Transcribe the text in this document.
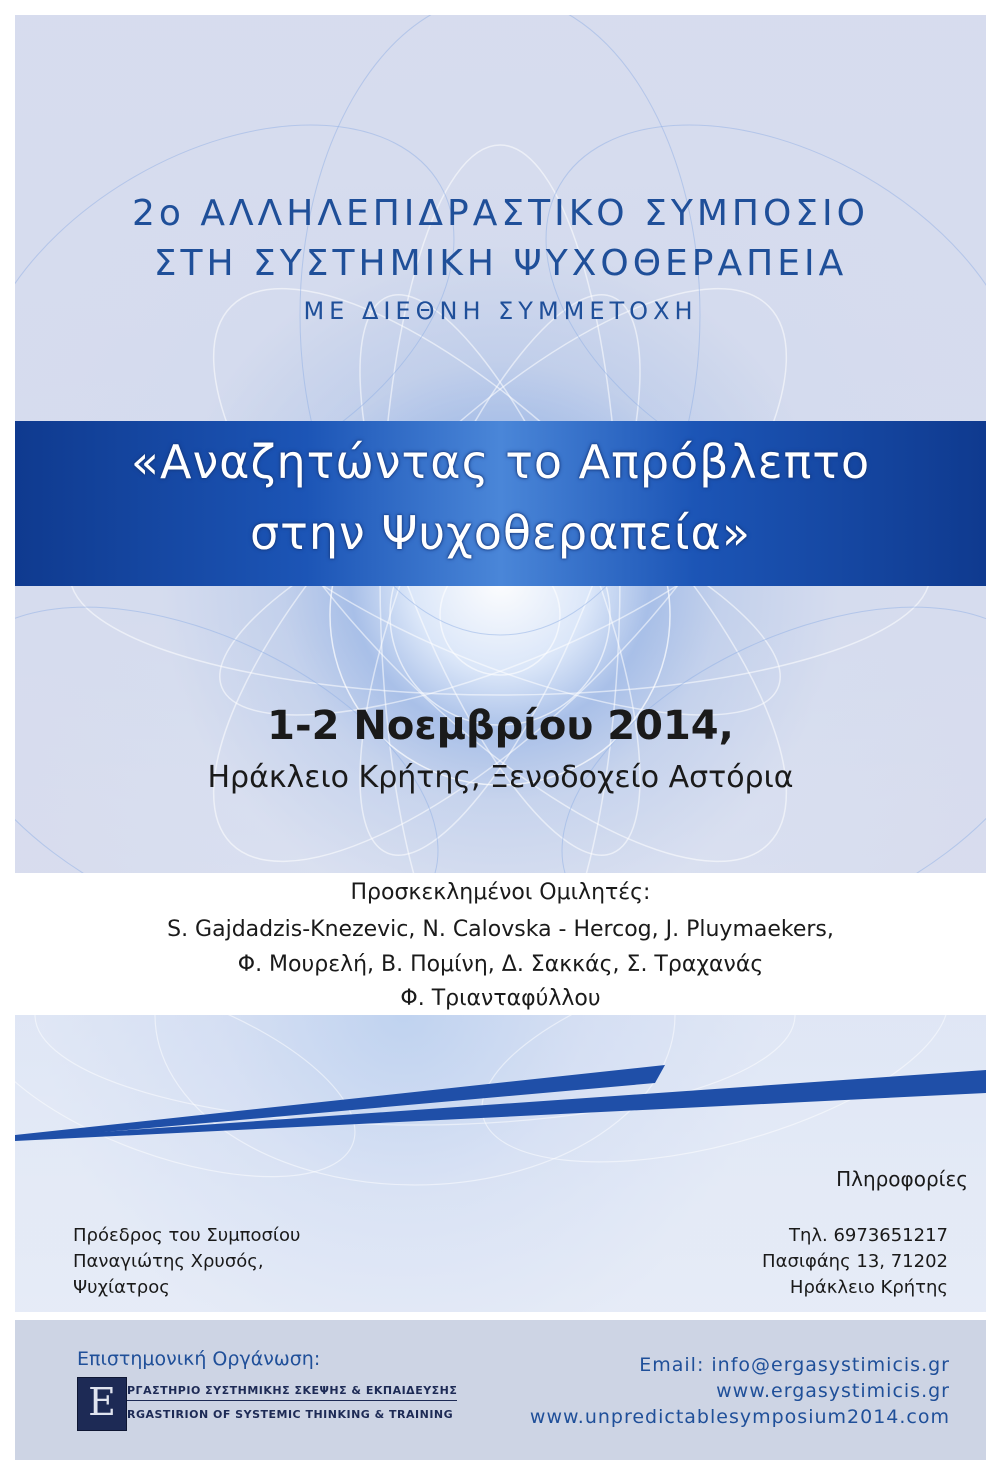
2ο ΑΛΛΗΛΕΠΙΔΡΑΣΤΙΚΟ ΣΥΜΠΟΣΙΟ
ΣΤΗ ΣΥΣΤΗΜΙΚΗ ΨΥΧΟΘΕΡΑΠΕΙΑ
ΜΕ ΔΙΕΘΝΗ ΣΥΜΜΕΤΟΧΗ
«Αναζητώντας το Απρόβλεπτο
στην Ψυχοθεραπεία»
1-2 Νοεμβρίου 2014,
Ηράκλειο Κρήτης, Ξενοδοχείο Αστόρια
Προσκεκλημένοι Ομιλητές:
S. Gajdadzis-Knezevic, N. Calovska - Hercog, J. Pluymaekers,
Φ. Μουρελή, Β. Πομίνη, Δ. Σακκάς, Σ. Τραχανάς
Φ. Τριανταφύλλου
Πληροφορίες
Πρόεδρος του Συμποσίου
Παναγιώτης Χρυσός,
Ψυχίατρος
Τηλ. 6973651217
Πασιφάης 13, 71202
Ηράκλειο Κρήτης
Επιστημονική Οργάνωση:
Ε	ΡΓΑΣΤΗΡΙΟ ΣΥΣΤΗΜΙΚΗΣ ΣΚΕΨΗΣ & ΕΚΠΑΙΔΕΥΣΗΣ
RGASTIRION OF SYSTEMIC THINKING & TRAINING
Email: info@ergasystimicis.gr
www.ergasystimicis.gr
www.unpredictablesymposium2014.com
